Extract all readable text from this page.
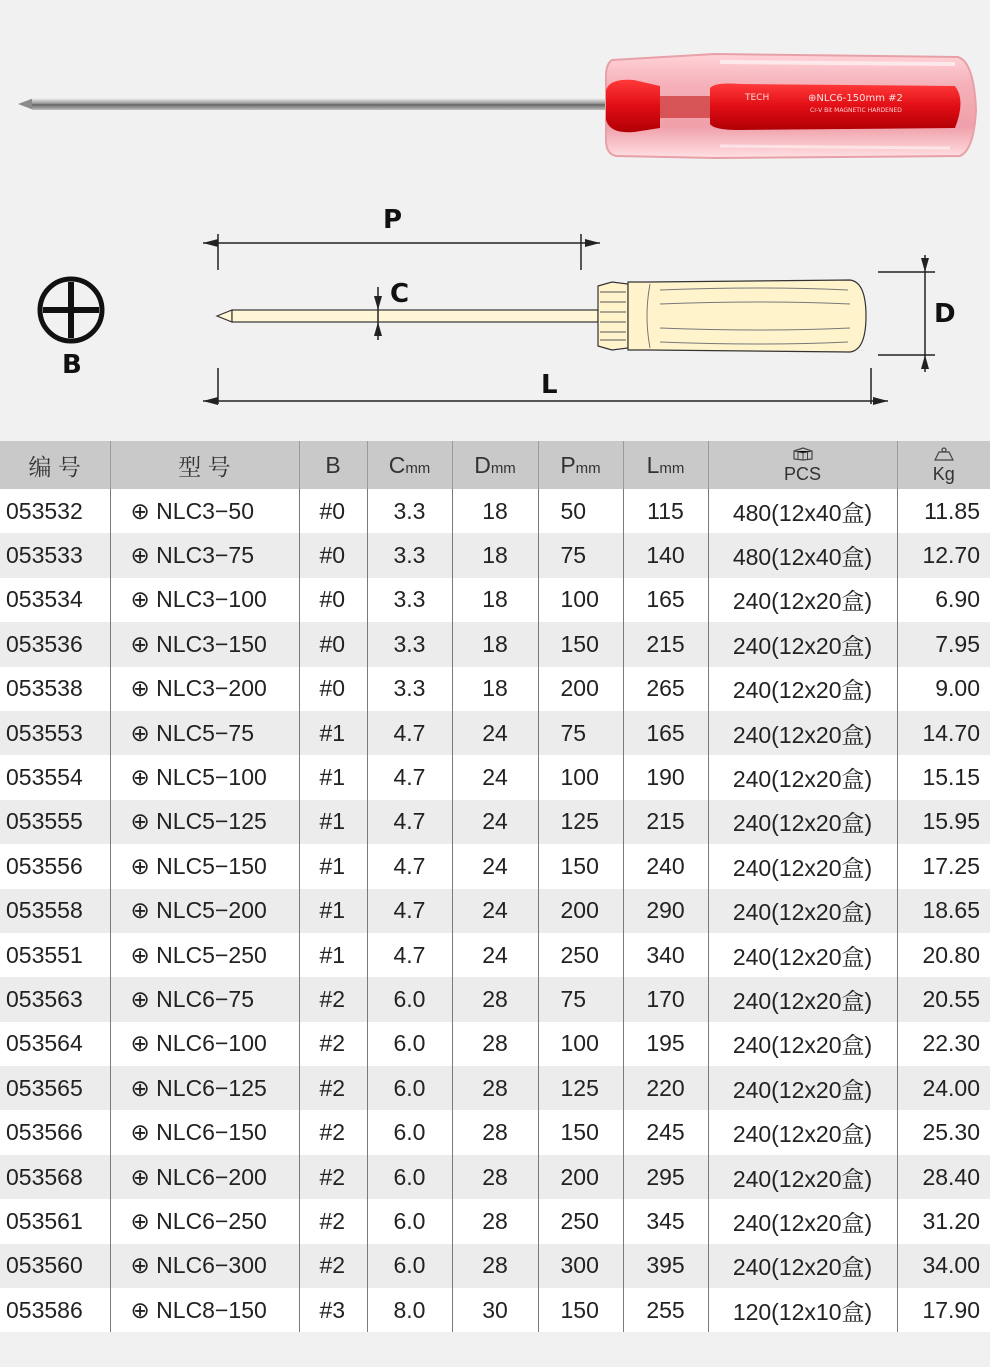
TECH	⊕NLC6-150mm #2
Cr-V Bit MAGNETIC HARDENED
B
P
C
D
L
编 号	型 号	B	Cmm	Dmm	Pmm	Lmm	PCS	Kg

053532	⊕ NLC3−50	#0	3.3	18	50	115	480(12x40盒)	11.85
053533	⊕ NLC3−75	#0	3.3	18	75	140	480(12x40盒)	12.70
053534	⊕ NLC3−100	#0	3.3	18	100	165	240(12x20盒)	6.90
053536	⊕ NLC3−150	#0	3.3	18	150	215	240(12x20盒)	7.95
053538	⊕ NLC3−200	#0	3.3	18	200	265	240(12x20盒)	9.00
053553	⊕ NLC5−75	#1	4.7	24	75	165	240(12x20盒)	14.70
053554	⊕ NLC5−100	#1	4.7	24	100	190	240(12x20盒)	15.15
053555	⊕ NLC5−125	#1	4.7	24	125	215	240(12x20盒)	15.95
053556	⊕ NLC5−150	#1	4.7	24	150	240	240(12x20盒)	17.25
053558	⊕ NLC5−200	#1	4.7	24	200	290	240(12x20盒)	18.65
053551	⊕ NLC5−250	#1	4.7	24	250	340	240(12x20盒)	20.80
053563	⊕ NLC6−75	#2	6.0	28	75	170	240(12x20盒)	20.55
053564	⊕ NLC6−100	#2	6.0	28	100	195	240(12x20盒)	22.30
053565	⊕ NLC6−125	#2	6.0	28	125	220	240(12x20盒)	24.00
053566	⊕ NLC6−150	#2	6.0	28	150	245	240(12x20盒)	25.30
053568	⊕ NLC6−200	#2	6.0	28	200	295	240(12x20盒)	28.40
053561	⊕ NLC6−250	#2	6.0	28	250	345	240(12x20盒)	31.20
053560	⊕ NLC6−300	#2	6.0	28	300	395	240(12x20盒)	34.00
053586	⊕ NLC8−150	#3	8.0	30	150	255	120(12x10盒)	17.90
